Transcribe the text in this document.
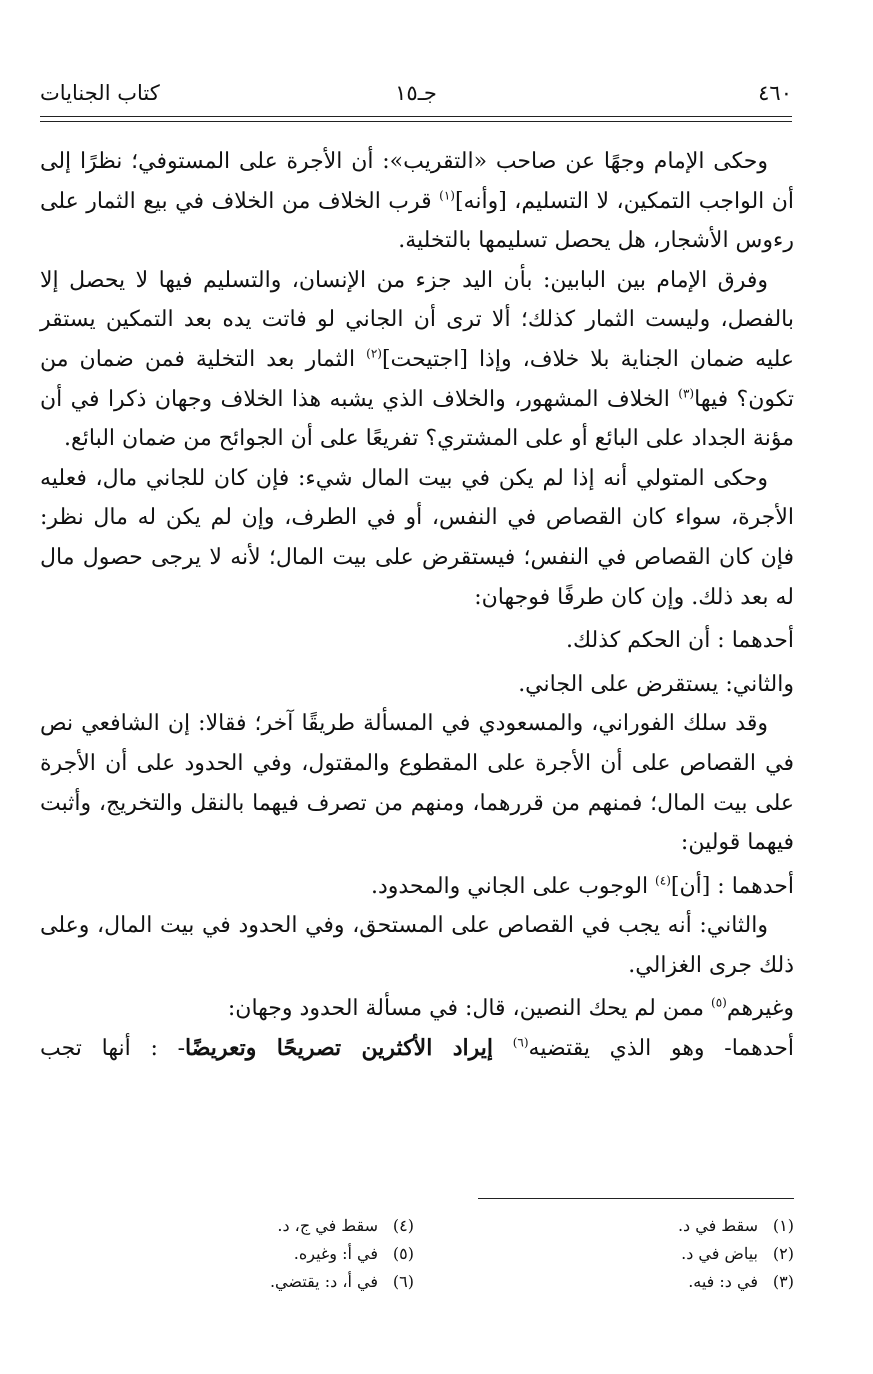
٤٦٠
جـ١٥
كتاب الجنايات

وحكى الإمام وجهًا عن صاحب «التقريب»: أن الأجرة على المستوفي؛ نظرًا إلى أن الواجب التمكين، لا التسليم، [وأنه]$^{(١)}$ قرب الخلاف من الخلاف في بيع الثمار على رءوس الأشجار، هل يحصل تسليمها بالتخلية.

وفرق الإمام بين البابين: بأن اليد جزء من الإنسان، والتسليم فيها لا يحصل إلا بالفصل، وليست الثمار كذلك؛ ألا ترى أن الجاني لو فاتت يده بعد التمكين يستقر عليه ضمان الجناية بلا خلاف، وإذا [اجتيحت]$^{(٢)}$ الثمار بعد التخلية فمن ضمان من تكون؟ فيها$^{(٣)}$ الخلاف المشهور، والخلاف الذي يشبه هذا الخلاف وجهان ذكرا في أن مؤنة الجداد على البائع أو على المشتري؟ تفريعًا على أن الجوائح من ضمان البائع.

وحكى المتولي أنه إذا لم يكن في بيت المال شيء: فإن كان للجاني مال، فعليه الأجرة، سواء كان القصاص في النفس، أو في الطرف، وإن لم يكن له مال نظر: فإن كان القصاص في النفس؛ فيستقرض على بيت المال؛ لأنه لا يرجى حصول مال له بعد ذلك. وإن كان طرفًا فوجهان:

أحدهما : أن الحكم كذلك.

والثاني: يستقرض على الجاني.

وقد سلك الفوراني، والمسعودي في المسألة طريقًا آخر؛ فقالا: إن الشافعي نص في القصاص على أن الأجرة على المقطوع والمقتول، وفي الحدود على أن الأجرة على بيت المال؛ فمنهم من قررهما، ومنهم من تصرف فيهما بالنقل والتخريج، وأثبت فيهما قولين:

أحدهما : [أن]$^{(٤)}$ الوجوب على الجاني والمحدود.

والثاني: أنه يجب في القصاص على المستحق، وفي الحدود في بيت المال، وعلى ذلك جرى الغزالي.

وغيرهم$^{(٥)}$ ممن لم يحك النصين، قال: في مسألة الحدود وجهان:

أحدهما- وهو الذي يقتضيه$^{(٦)}$ إيراد الأكثرين تصريحًا وتعريضًا- : أنها تجب

(١)سقط في د.
(٢)بياض في د.
(٣)في د: فيه.
(٤)سقط في ج، د.
(٥)في أ: وغيره.
(٦)في أ، د: يقتضي.
